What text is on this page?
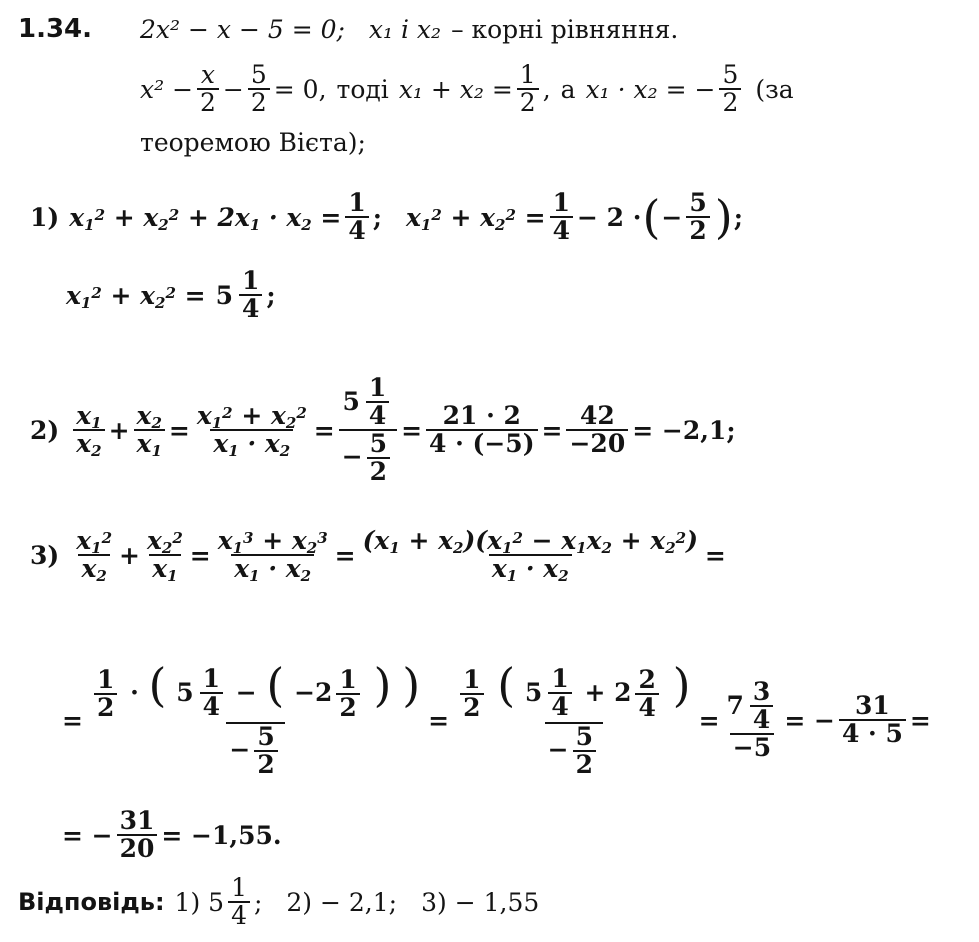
1.34. 2x² − x − 5 = 0; x₁ і x₂ – корні рівняння.
$x^2 - \frac{x}{2} - \frac{5}{2} = 0$, тоді $x_1 + x_2 = \frac{1}{2}$ , а x₁ · x₂ = − $\frac{5}{2} (за$
теоремою Вієта);
1) $x_1^2 + x_2^2 + 2x_1 \cdot x_2 = \frac{1}{4}$ ; $x_1^2 + x_2^2 = \frac{1}{4} - 2$ · ( − $\frac{5}{2}$ ) ;
$x_1^2 + x_2^2 = 5 \frac{1}{4}$ ;
$2) \frac{x_1}{x_2} + \frac{x_2}{x_1} = \frac{x_1^2 + x_2^2}{x_1 \cdot x_2} = \frac{5 \frac{1}{4}}{- \frac{5}{2}} = \frac{21 \cdot 2}{4 \cdot (-5)} = \frac{42}{-20} = -2,1$;
$3) \frac{x_1^2}{x_2} + \frac{x_2^2}{x_1} = \frac{x_1^3 + x_2^3}{x_1 \cdot x_2} = \frac{(x_1 + x_2)(x_1^2 - x_1x_2 + x_2^2)}{x_1 \cdot x_2}$ =
= $\frac{1}{2}$ · ( $5 \frac{1}{4}$ − ( $-2 \frac{1}{2}$ ) )
− $\frac{5}{2}$
= $\frac{\frac{1}{2} ( 5 \frac{1}{4} + 2 \frac{2}{4} )}{- \frac{5}{2}} = \frac{7 \frac{3}{4}}{-5}$ = − $\frac{31}{4 \cdot 5}$ =
= − $\frac{31}{20} = -1,55$.
Відповідь: 1) $5 \frac{1}{4}$ ; 2) − 2,1; 3) − 1,55
